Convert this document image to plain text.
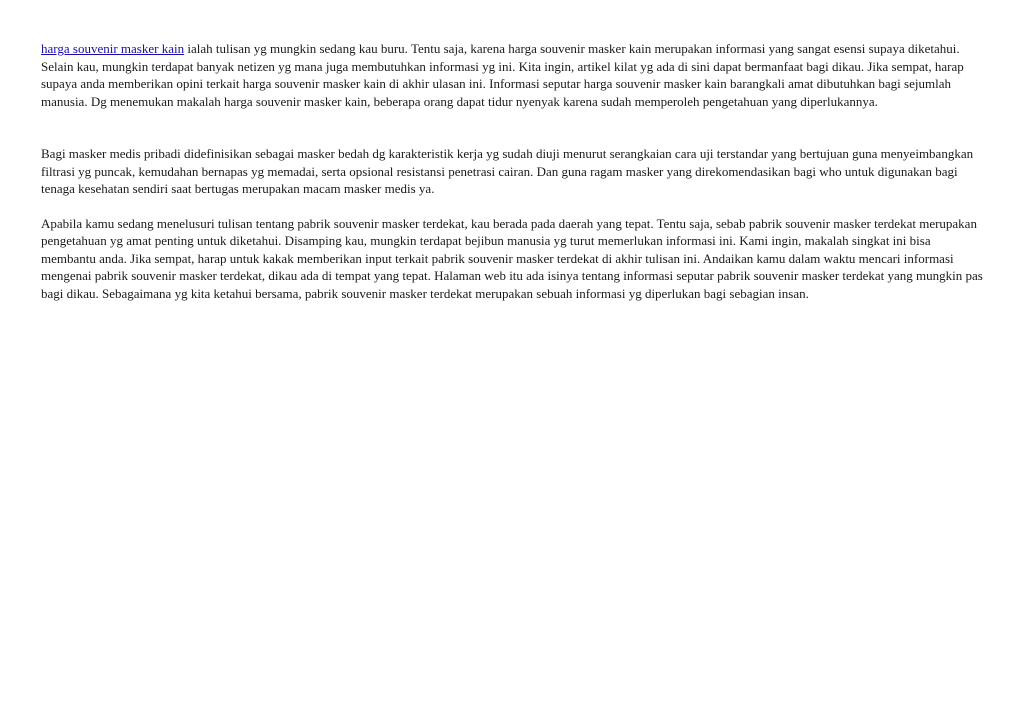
harga souvenir masker kain ialah tulisan yg mungkin sedang kau buru. Tentu saja, karena harga souvenir masker kain merupakan informasi yang sangat esensi supaya diketahui. Selain kau, mungkin terdapat banyak netizen yg mana juga membutuhkan informasi yg ini. Kita ingin, artikel kilat yg ada di sini dapat bermanfaat bagi dikau. Jika sempat, harap supaya anda memberikan opini terkait harga souvenir masker kain di akhir ulasan ini. Informasi seputar harga souvenir masker kain barangkali amat dibutuhkan bagi sejumlah manusia. Dg menemukan makalah harga souvenir masker kain, beberapa orang dapat tidur nyenyak karena sudah memperoleh pengetahuan yang diperlukannya.

Bagi masker medis pribadi didefinisikan sebagai masker bedah dg karakteristik kerja yg sudah diuji menurut serangkaian cara uji terstandar yang bertujuan guna menyeimbangkan filtrasi yg puncak, kemudahan bernapas yg memadai, serta opsional resistansi penetrasi cairan. Dan guna ragam masker yang direkomendasikan bagi who untuk digunakan bagi tenaga kesehatan sendiri saat bertugas merupakan macam masker medis ya.

Apabila kamu sedang menelusuri tulisan tentang pabrik souvenir masker terdekat, kau berada pada daerah yang tepat. Tentu saja, sebab pabrik souvenir masker terdekat merupakan pengetahuan yg amat penting untuk diketahui. Disamping kau, mungkin terdapat bejibun manusia yg turut memerlukan informasi ini. Kami ingin, makalah singkat ini bisa membantu anda. Jika sempat, harap untuk kakak memberikan input terkait pabrik souvenir masker terdekat di akhir tulisan ini. Andaikan kamu dalam waktu mencari informasi mengenai pabrik souvenir masker terdekat, dikau ada di tempat yang tepat. Halaman web itu ada isinya tentang informasi seputar pabrik souvenir masker terdekat yang mungkin pas bagi dikau. Sebagaimana yg kita ketahui bersama, pabrik souvenir masker terdekat merupakan sebuah informasi yg diperlukan bagi sebagian insan.
